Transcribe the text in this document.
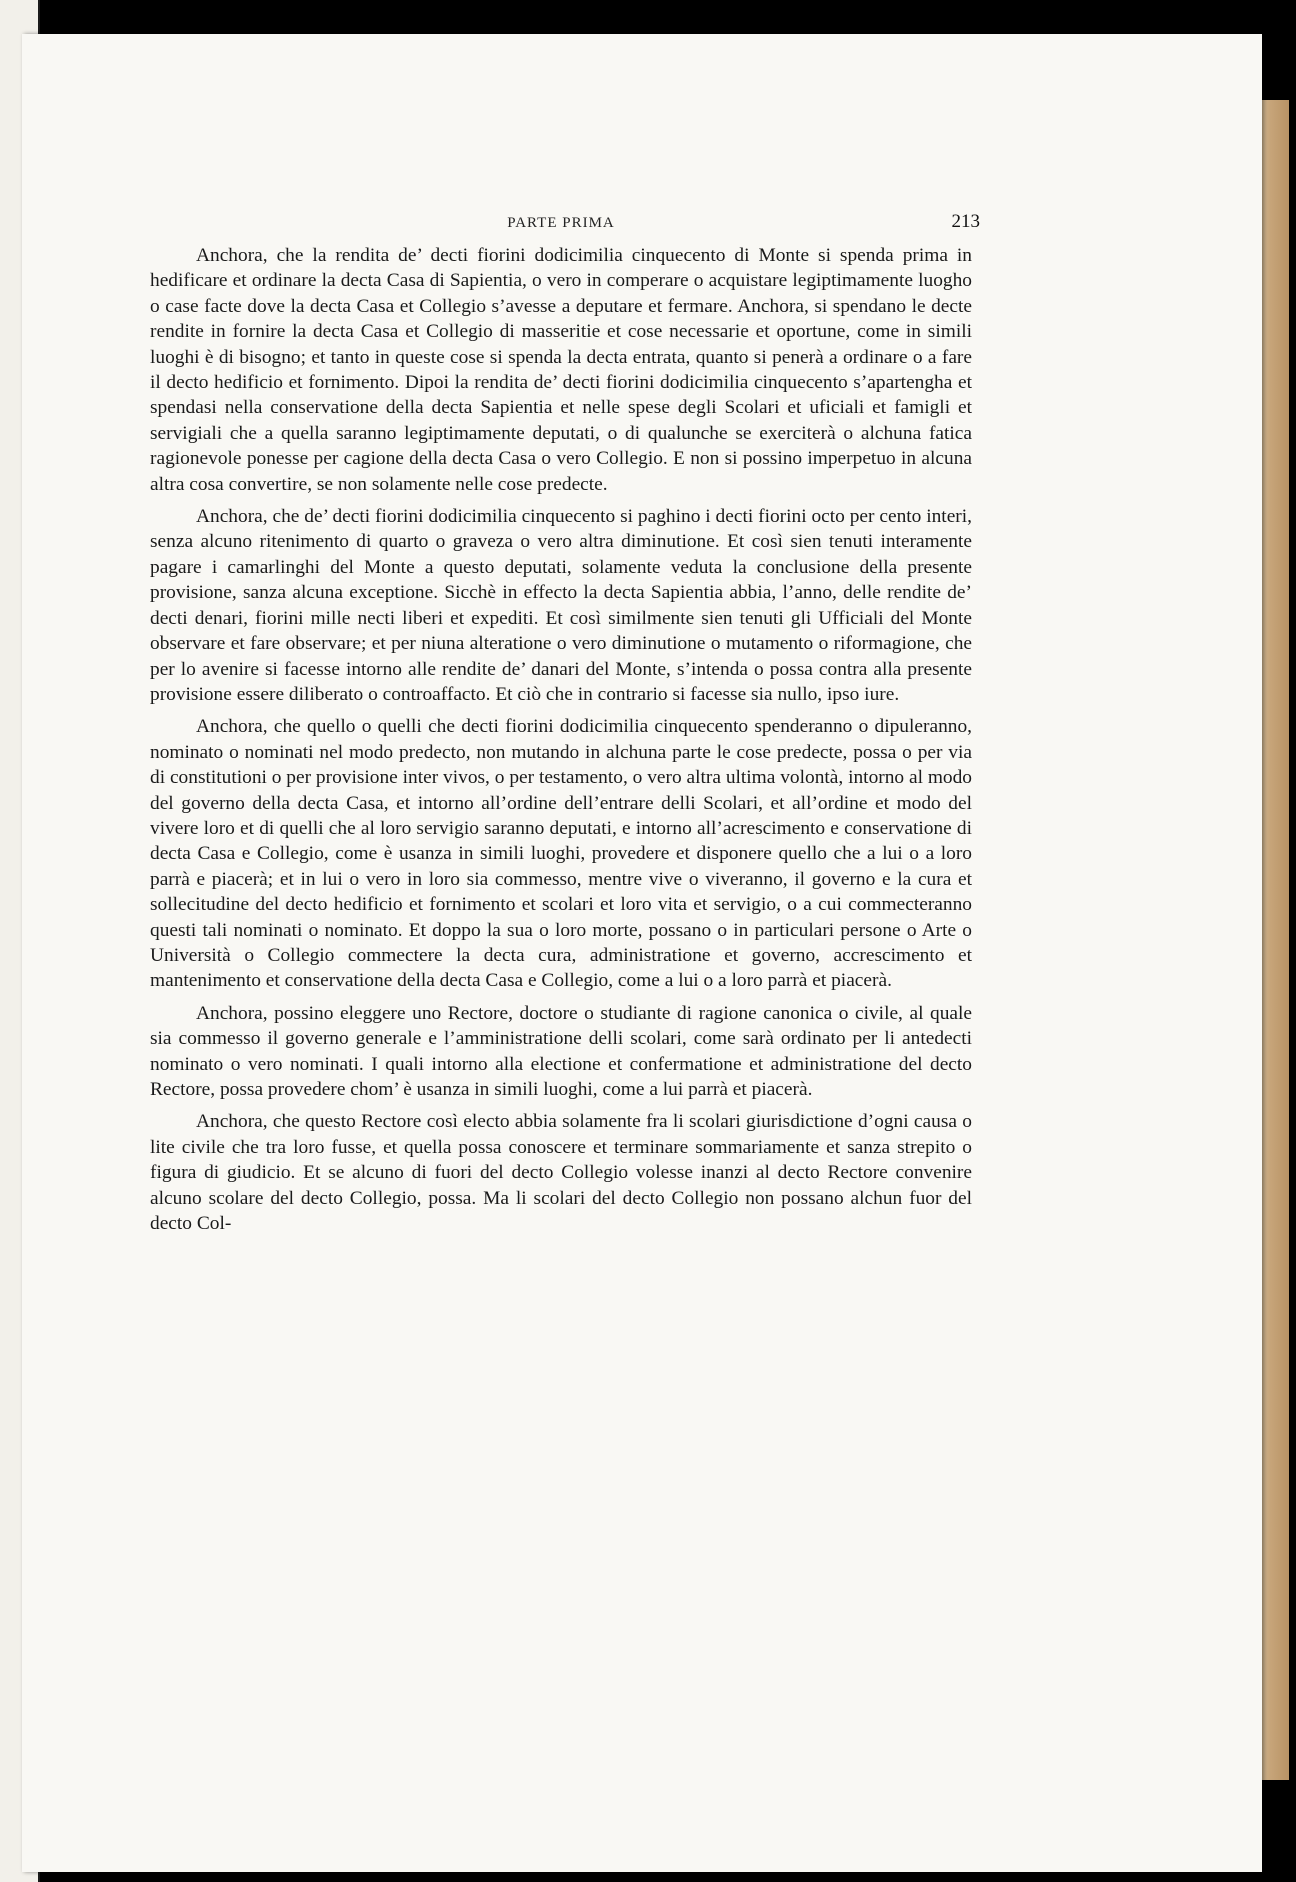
PARTE PRIMA	213

Anchora, che la rendita de’ decti fiorini dodicimilia cinquecento di Monte si spenda prima in hedificare et ordinare la decta Casa di Sapientia, o vero in comperare o acquistare legiptimamente luogho o case facte dove la decta Casa et Collegio s’avesse a deputare et fermare. Anchora, si spendano le decte rendite in fornire la decta Casa et Collegio di masseritie et cose necessarie et oportune, come in simili luoghi è di bisogno; et tanto in queste cose si spenda la decta entrata, quanto si penerà a ordinare o a fare il decto hedificio et fornimento. Dipoi la rendita de’ decti fiorini dodicimilia cinquecento s’apartengha et spendasi nella conservatione della decta Sapientia et nelle spese degli Scolari et uficiali et famigli et servigiali che a quella saranno legiptimamente deputati, o di qualunche se exerciterà o alchuna fatica ragionevole ponesse per cagione della decta Casa o vero Collegio. E non si possino imperpetuo in alcuna altra cosa convertire, se non solamente nelle cose predecte.

Anchora, che de’ decti fiorini dodicimilia cinquecento si paghino i decti fiorini octo per cento interi, senza alcuno ritenimento di quarto o graveza o vero altra diminutione. Et così sien tenuti interamente pagare i camarlinghi del Monte a questo deputati, solamente veduta la conclusione della presente provisione, sanza alcuna exceptione. Sicchè in effecto la decta Sapientia abbia, l’anno, delle rendite de’ decti denari, fiorini mille necti liberi et expediti. Et così similmente sien tenuti gli Ufficiali del Monte observare et fare observare; et per niuna alteratione o vero diminutione o mutamento o riformagione, che per lo avenire si facesse intorno alle rendite de’ danari del Monte, s’intenda o possa contra alla presente provisione essere diliberato o controaffacto. Et ciò che in contrario si facesse sia nullo, ipso iure.

Anchora, che quello o quelli che decti fiorini dodicimilia cinquecento spenderanno o dipuleranno, nominato o nominati nel modo predecto, non mutando in alchuna parte le cose predecte, possa o per via di constitutioni o per provisione inter vivos, o per testamento, o vero altra ultima volontà, intorno al modo del governo della decta Casa, et intorno all’ordine dell’entrare delli Scolari, et all’ordine et modo del vivere loro et di quelli che al loro servigio saranno deputati, e intorno all’acrescimento e conservatione di decta Casa e Collegio, come è usanza in simili luoghi, provedere et disponere quello che a lui o a loro parrà e piacerà; et in lui o vero in loro sia commesso, mentre vive o viveranno, il governo e la cura et sollecitudine del decto hedificio et fornimento et scolari et loro vita et servigio, o a cui commecteranno questi tali nominati o nominato. Et doppo la sua o loro morte, possano o in particulari persone o Arte o Università o Collegio commectere la decta cura, administratione et governo, accrescimento et mantenimento et conservatione della decta Casa e Collegio, come a lui o a loro parrà et piacerà.

Anchora, possino eleggere uno Rectore, doctore o studiante di ragione canonica o civile, al quale sia commesso il governo generale e l’amministratione delli scolari, come sarà ordinato per li antedecti nominato o vero nominati. I quali intorno alla electione et confermatione et administratione del decto Rectore, possa provedere chom’ è usanza in simili luoghi, come a lui parrà et piacerà.

Anchora, che questo Rectore così electo abbia solamente fra li scolari giurisdictione d’ogni causa o lite civile che tra loro fusse, et quella possa conoscere et terminare sommariamente et sanza strepito o figura di giudicio. Et se alcuno di fuori del decto Collegio volesse inanzi al decto Rectore convenire alcuno scolare del decto Collegio, possa. Ma li scolari del decto Collegio non possano alchun fuor del decto Col-
